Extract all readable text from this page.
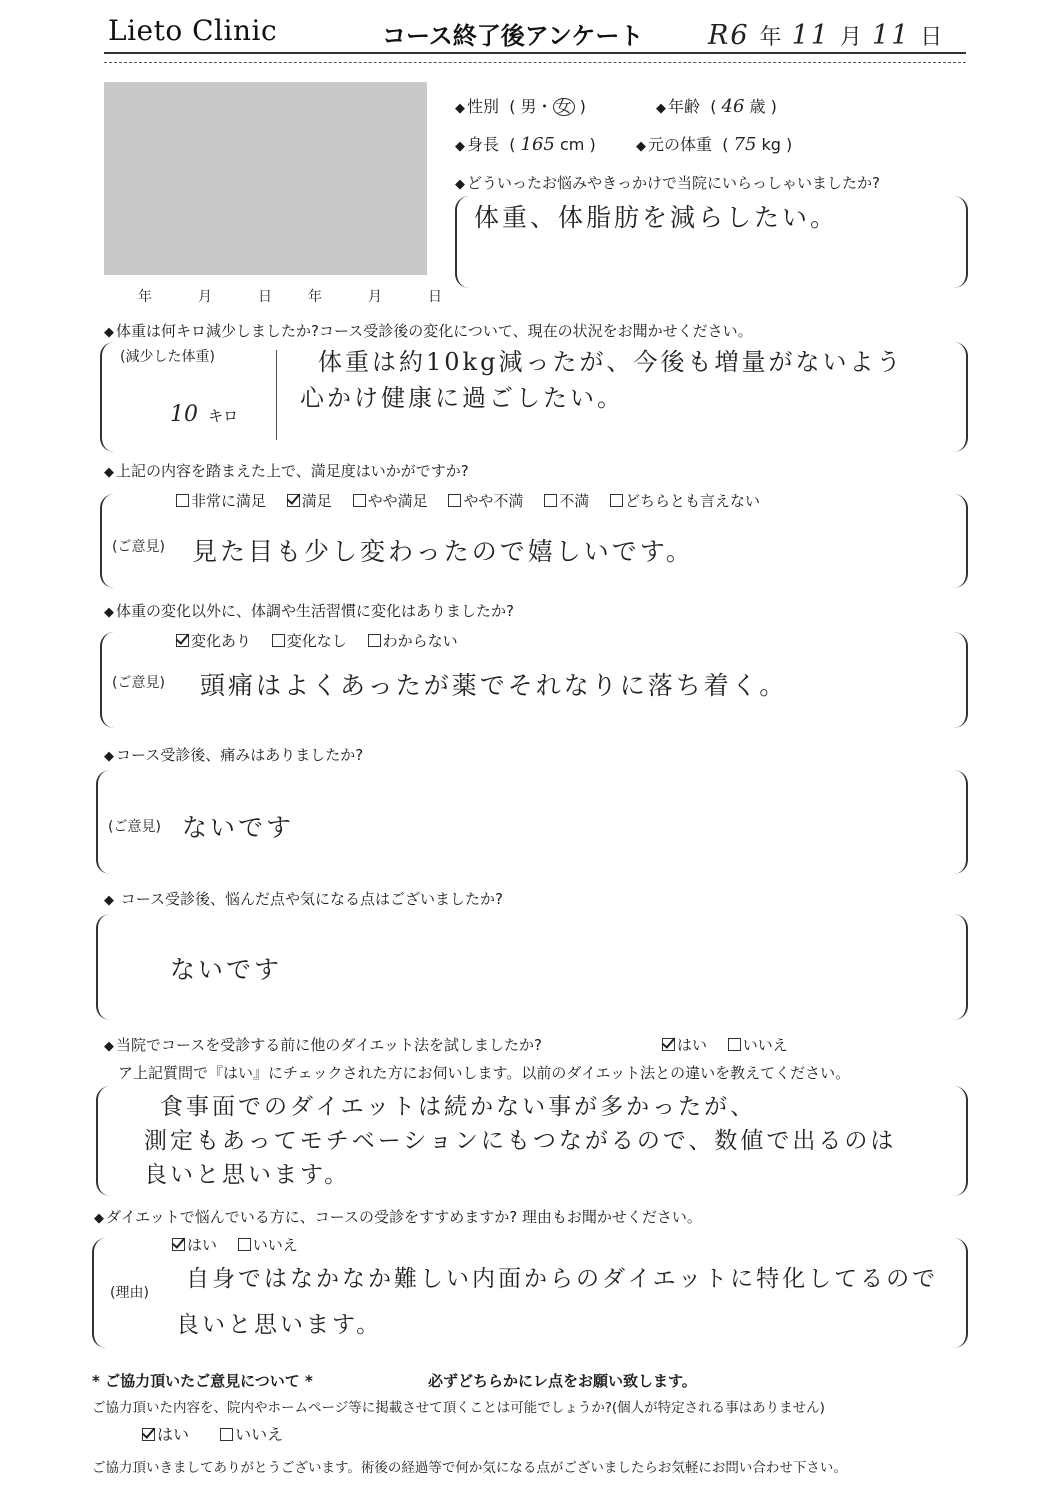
Lieto Clinic	コース終了後アンケート R6 年 11 月 11 日
年	月	日	年	月	日
◆ 性別  ( 男・ 女 )	◆ 年齢  ( 46 歳 )
◆ 身長  ( 165 cm )	◆ 元の体重  ( 75 kg )
◆ どういったお悩みやきっかけで当院にいらっしゃいましたか?
体重、体脂肪を減らしたい。
◆ 体重は何キロ減少しましたか?コース受診後の変化について、現在の状況をお聞かせください。
(減少した体重)
10 キロ
体重は約10kg減ったが、今後も増量がないよう
心かけ健康に過ごしたい。
◆ 上記の内容を踏まえた上で、満足度はいかがですか?
非常に満足 満足 やや満足 やや不満 不満 どちらとも言えない
(ご意見) 見た目も少し変わったので嬉しいです。
◆ 体重の変化以外に、体調や生活習慣に変化はありましたか?
変化あり 変化なし わからない
(ご意見) 頭痛はよくあったが薬でそれなりに落ち着く。
◆ コース受診後、痛みはありましたか?
(ご意見) ないです
◆ コース受診後、悩んだ点や気になる点はございましたか?
ないです
◆ 当院でコースを受診する前に他のダイエット法を試しましたか?	はい いいえ
ア上記質問で『はい』にチェックされた方にお伺いします。以前のダイエット法との違いを教えてください。
食事面でのダイエットは続かない事が多かったが、
測定もあってモチベーションにもつながるので、数値で出るのは
良いと思います。
◆ ダイエットで悩んでいる方に、コースの受診をすすめますか? 理由もお聞かせください。
はい いいえ
(理由)
自身ではなかなか難しい内面からのダイエットに特化してるので
良いと思います。
* ご協力頂いたご意見について *	必ずどちらかにレ点をお願い致します。
ご協力頂いた内容を、院内やホームページ等に掲載させて頂くことは可能でしょうか?(個人が特定される事はありません)
はい	いいえ
ご協力頂いきましてありがとうございます。術後の経過等で何か気になる点がございましたらお気軽にお問い合わせ下さい。
